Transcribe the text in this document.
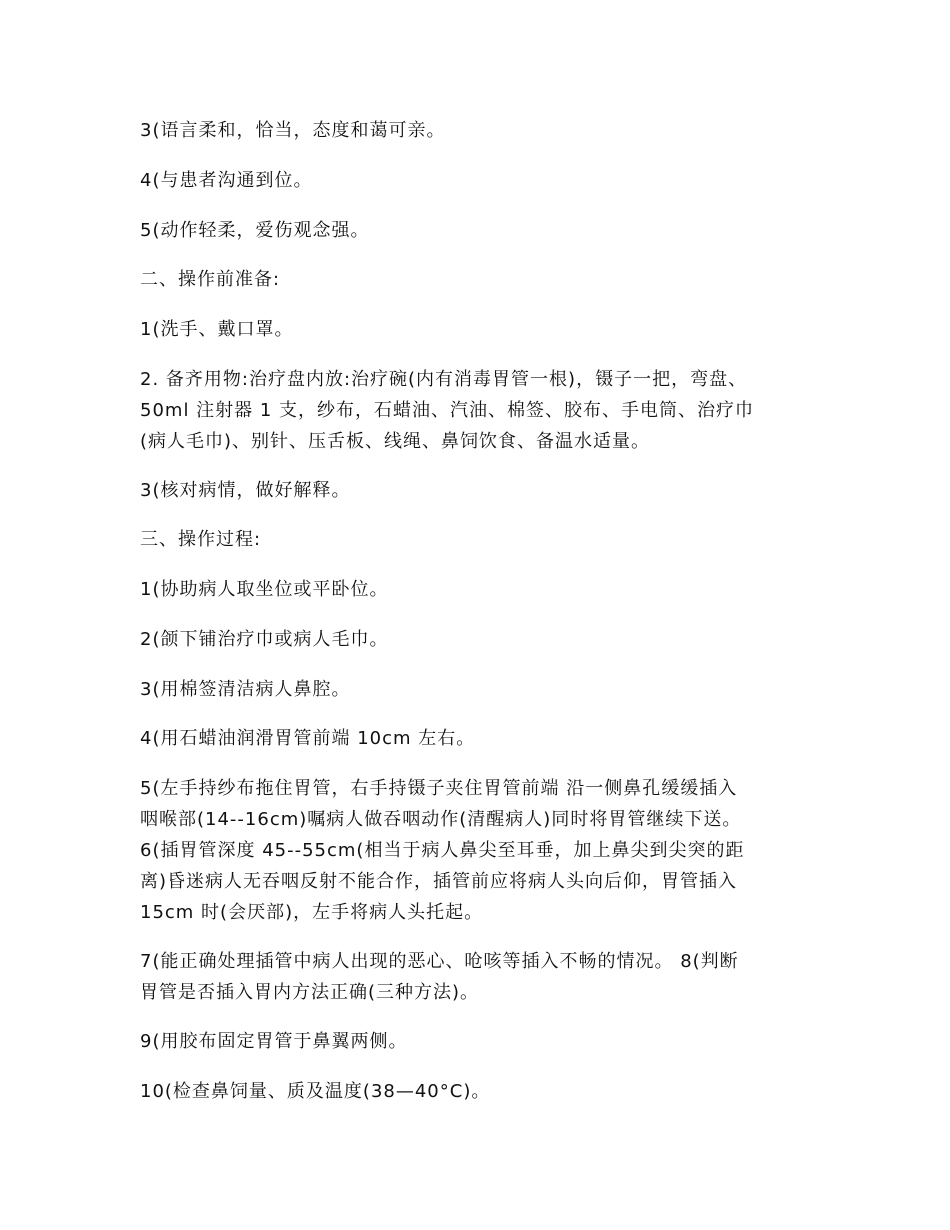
3(语言柔和，恰当，态度和蔼可亲。
4(与患者沟通到位。
5(动作轻柔，爱伤观念强。
二、操作前准备:
1(洗手、戴口罩。
2. 备齐用物:治疗盘内放:治疗碗(内有消毒胃管一根)，镊子一把，弯盘、
50ml 注射器 1 支，纱布，石蜡油、汽油、棉签、胶布、手电筒、治疗巾
(病人毛巾)、别针、压舌板、线绳、鼻饲饮食、备温水适量。
3(核对病情，做好解释。
三、操作过程:
1(协助病人取坐位或平卧位。
2(颌下铺治疗巾或病人毛巾。
3(用棉签清洁病人鼻腔。
4(用石蜡油润滑胃管前端 10cm 左右。
5(左手持纱布拖住胃管，右手持镊子夹住胃管前端 沿一侧鼻孔缓缓插入
咽喉部(14--16cm)嘱病人做吞咽动作(清醒病人)同时将胃管继续下送。
6(插胃管深度 45--55cm(相当于病人鼻尖至耳垂，加上鼻尖到尖突的距
离)昏迷病人无吞咽反射不能合作，插管前应将病人头向后仰，胃管插入
15cm 时(会厌部)，左手将病人头托起。
7(能正确处理插管中病人出现的恶心、呛咳等插入不畅的情况。 8(判断
胃管是否插入胃内方法正确(三种方法)。
9(用胶布固定胃管于鼻翼两侧。
10(检查鼻饲量、质及温度(38—40°C)。
